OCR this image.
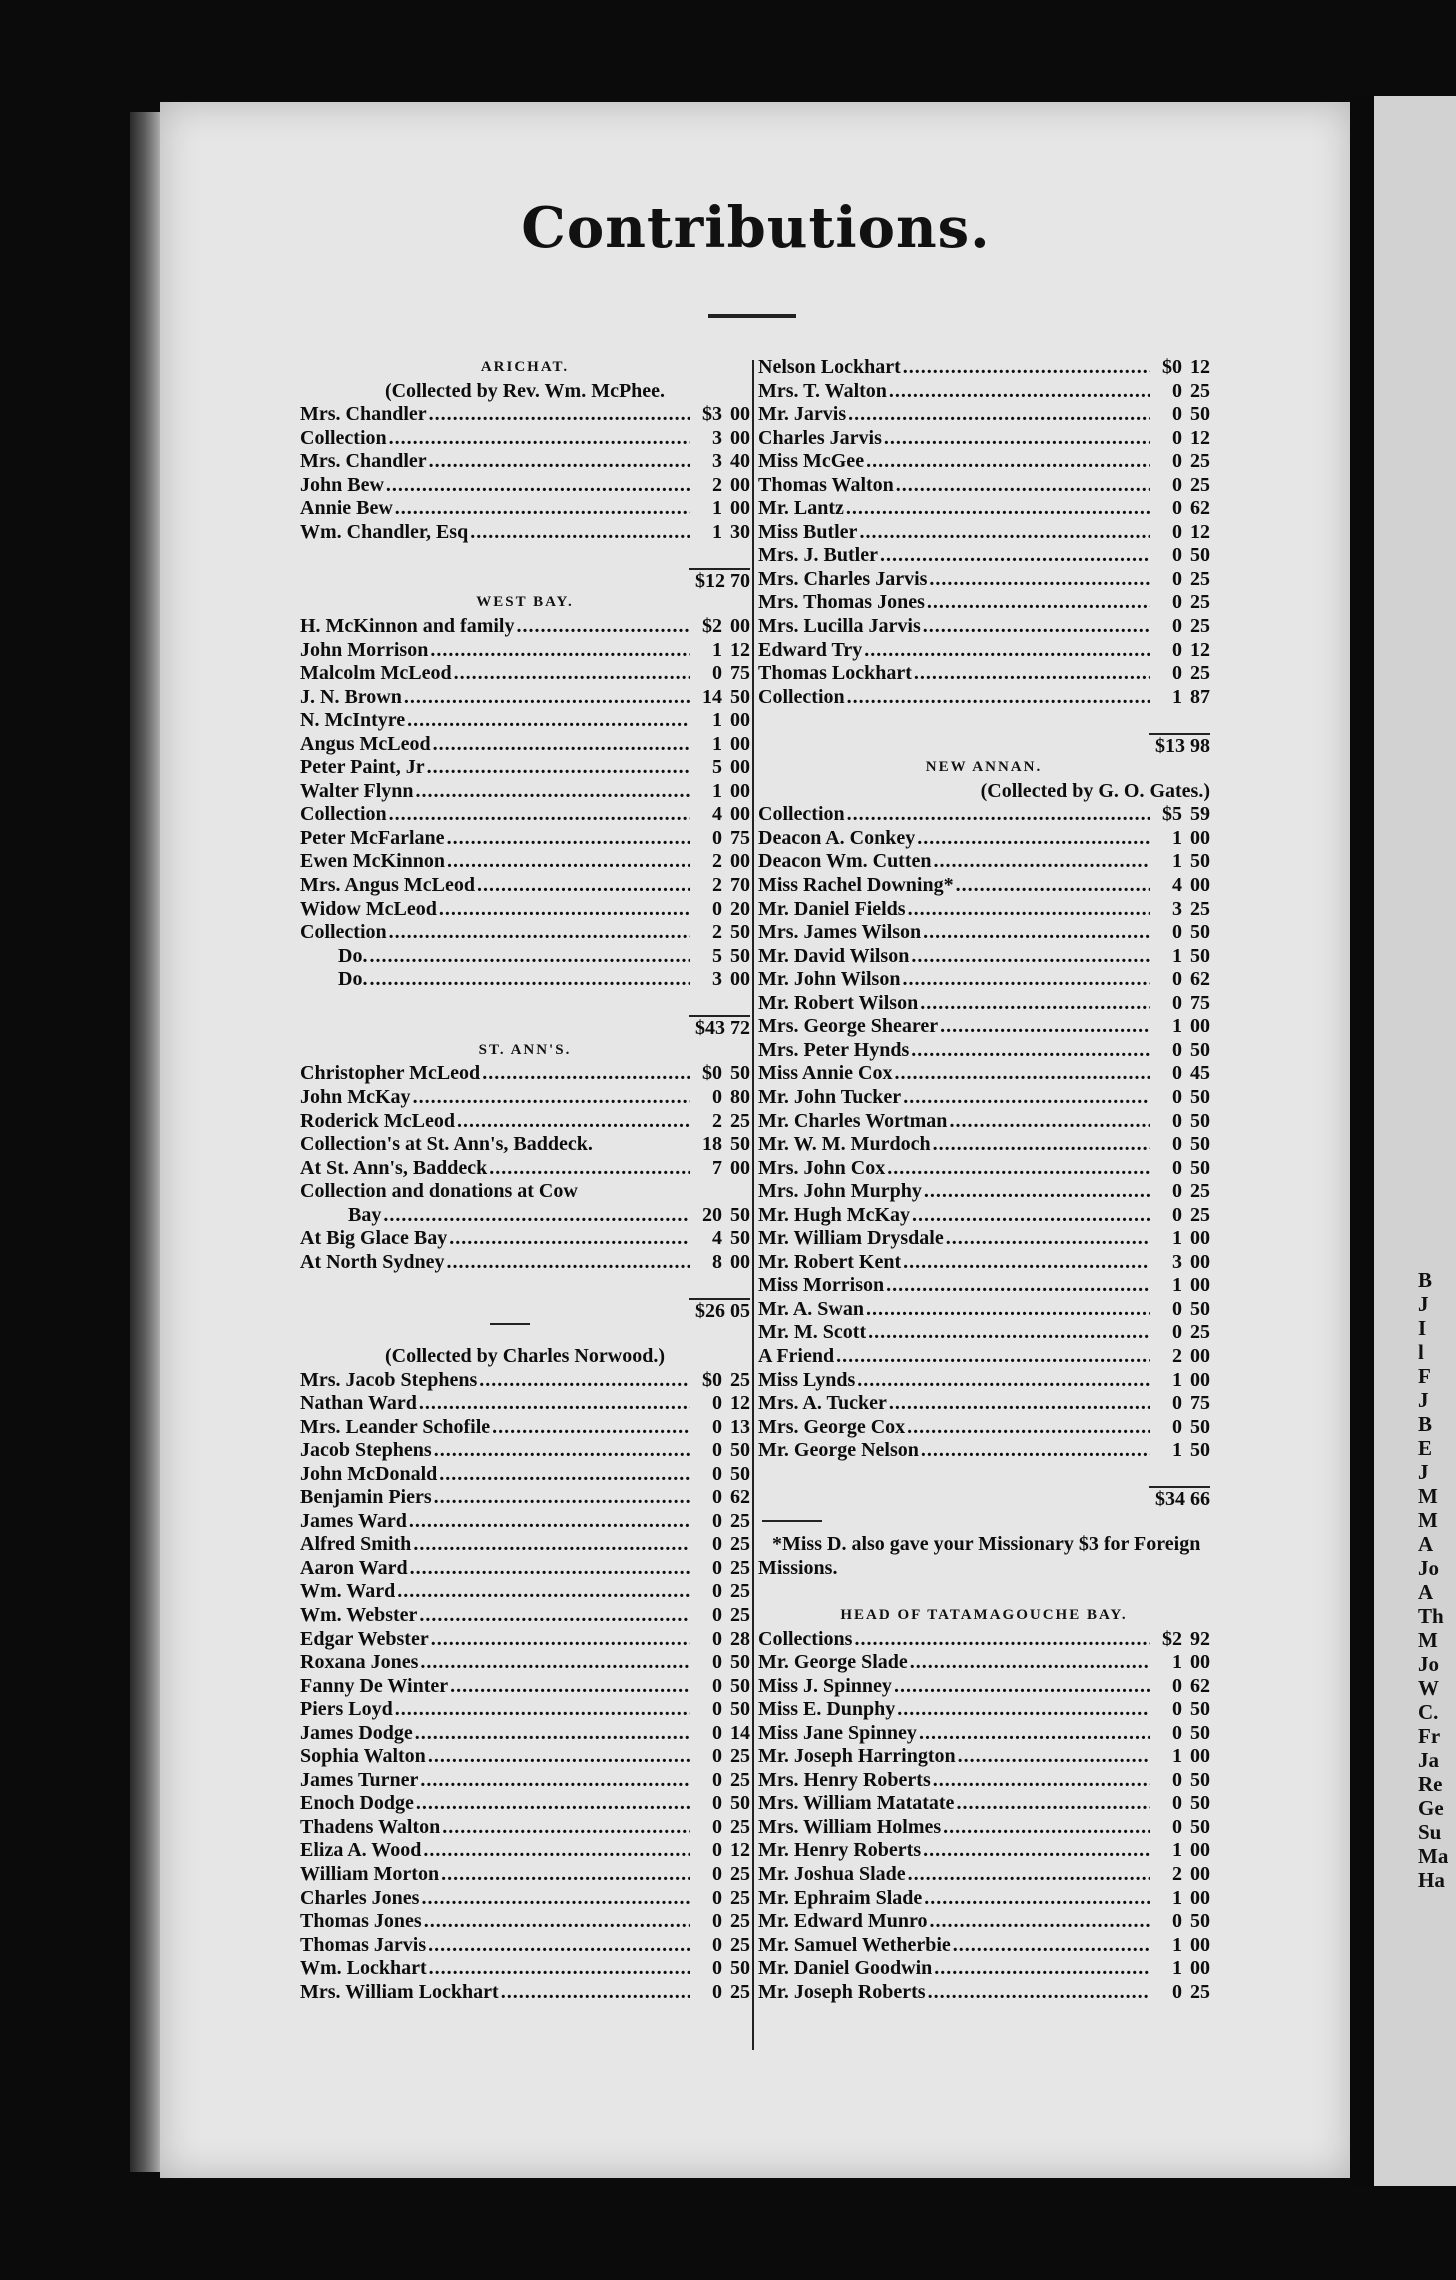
B
J
I
l
F
J
B
E
J
M
M
A
Jo
A
Th
M
Jo
W
C.
Fr
Ja
Re
Ge
Su
Ma
Ha
Contributions.
ARICHAT.
(Collected by Rev. Wm. McPhee.
Mrs. Chandler .....	$3 00
Collection .....	3 00
Mrs. Chandler .....	3 40
John Bew .....	2 00
Annie Bew .....	1 00
Wm. Chandler, Esq .....	1 30
$12 70
WEST BAY.
H. McKinnon and family .....	$2 00
John Morrison .....	1 12
Malcolm McLeod .....	0 75
J. N. Brown .....	14 50
N. McIntyre .....	1 00
Angus McLeod .....	1 00
Peter Paint, Jr .....	5 00
Walter Flynn .....	1 00
Collection .....	4 00
Peter McFarlane .....	0 75
Ewen McKinnon .....	2 00
Mrs. Angus McLeod .....	2 70
Widow McLeod .....	0 20
Collection .....	2 50
Do. .....	5 50
Do. .....	3 00
$43 72
ST. ANN'S.
Christopher McLeod .....	$0 50
John McKay .....	0 80
Roderick McLeod .....	2 25
Collection's at St. Ann's, Baddeck.	18 50
At St. Ann's, Baddeck .....	7 00
Collection and donations at Cow
Bay .....	20 50
At Big Glace Bay .....	4 50
At North Sydney .....	8 00
$26 05
(Collected by Charles Norwood.)
Mrs. Jacob Stephens .....	$0 25
Nathan Ward .....	0 12
Mrs. Leander Schofile .....	0 13
Jacob Stephens .....	0 50
John McDonald .....	0 50
Benjamin Piers .....	0 62
James Ward .....	0 25
Alfred Smith .....	0 25
Aaron Ward .....	0 25
Wm. Ward .....	0 25
Wm. Webster .....	0 25
Edgar Webster .....	0 28
Roxana Jones .....	0 50
Fanny De Winter .....	0 50
Piers Loyd .....	0 50
James Dodge .....	0 14
Sophia Walton .....	0 25
James Turner .....	0 25
Enoch Dodge .....	0 50
Thadens Walton .....	0 25
Eliza A. Wood .....	0 12
William Morton .....	0 25
Charles Jones .....	0 25
Thomas Jones .....	0 25
Thomas Jarvis .....	0 25
Wm. Lockhart .....	0 50
Mrs. William Lockhart .....	0 25
Nelson Lockhart .....	$0 12
Mrs. T. Walton .....	0 25
Mr. Jarvis .....	0 50
Charles Jarvis .....	0 12
Miss McGee .....	0 25
Thomas Walton .....	0 25
Mr. Lantz .....	0 62
Miss Butler .....	0 12
Mrs. J. Butler .....	0 50
Mrs. Charles Jarvis .....	0 25
Mrs. Thomas Jones .....	0 25
Mrs. Lucilla Jarvis .....	0 25
Edward Try .....	0 12
Thomas Lockhart .....	0 25
Collection .....	1 87
$13 98
NEW ANNAN.
(Collected by G. O. Gates.)
Collection .....	$5 59
Deacon A. Conkey .....	1 00
Deacon Wm. Cutten .....	1 50
Miss Rachel Downing* .....	4 00
Mr. Daniel Fields .....	3 25
Mrs. James Wilson .....	0 50
Mr. David Wilson .....	1 50
Mr. John Wilson .....	0 62
Mr. Robert Wilson .....	0 75
Mrs. George Shearer .....	1 00
Mrs. Peter Hynds .....	0 50
Miss Annie Cox .....	0 45
Mr. John Tucker .....	0 50
Mr. Charles Wortman .....	0 50
Mr. W. M. Murdoch .....	0 50
Mrs. John Cox .....	0 50
Mrs. John Murphy .....	0 25
Mr. Hugh McKay .....	0 25
Mr. William Drysdale .....	1 00
Mr. Robert Kent .....	3 00
Miss Morrison .....	1 00
Mr. A. Swan .....	0 50
Mr. M. Scott .....	0 25
A Friend .....	2 00
Miss Lynds .....	1 00
Mrs. A. Tucker .....	0 75
Mrs. George Cox .....	0 50
Mr. George Nelson .....	1 50
$34 66
*Miss D. also gave your Missionary $3 for Foreign Missions.
HEAD OF TATAMAGOUCHE BAY.
Collections .....	$2 92
Mr. George Slade .....	1 00
Miss J. Spinney .....	0 62
Miss E. Dunphy .....	0 50
Miss Jane Spinney .....	0 50
Mr. Joseph Harrington .....	1 00
Mrs. Henry Roberts .....	0 50
Mrs. William Matatate .....	0 50
Mrs. William Holmes .....	0 50
Mr. Henry Roberts .....	1 00
Mr. Joshua Slade .....	2 00
Mr. Ephraim Slade .....	1 00
Mr. Edward Munro .....	0 50
Mr. Samuel Wetherbie .....	1 00
Mr. Daniel Goodwin .....	1 00
Mr. Joseph Roberts .....	0 25
